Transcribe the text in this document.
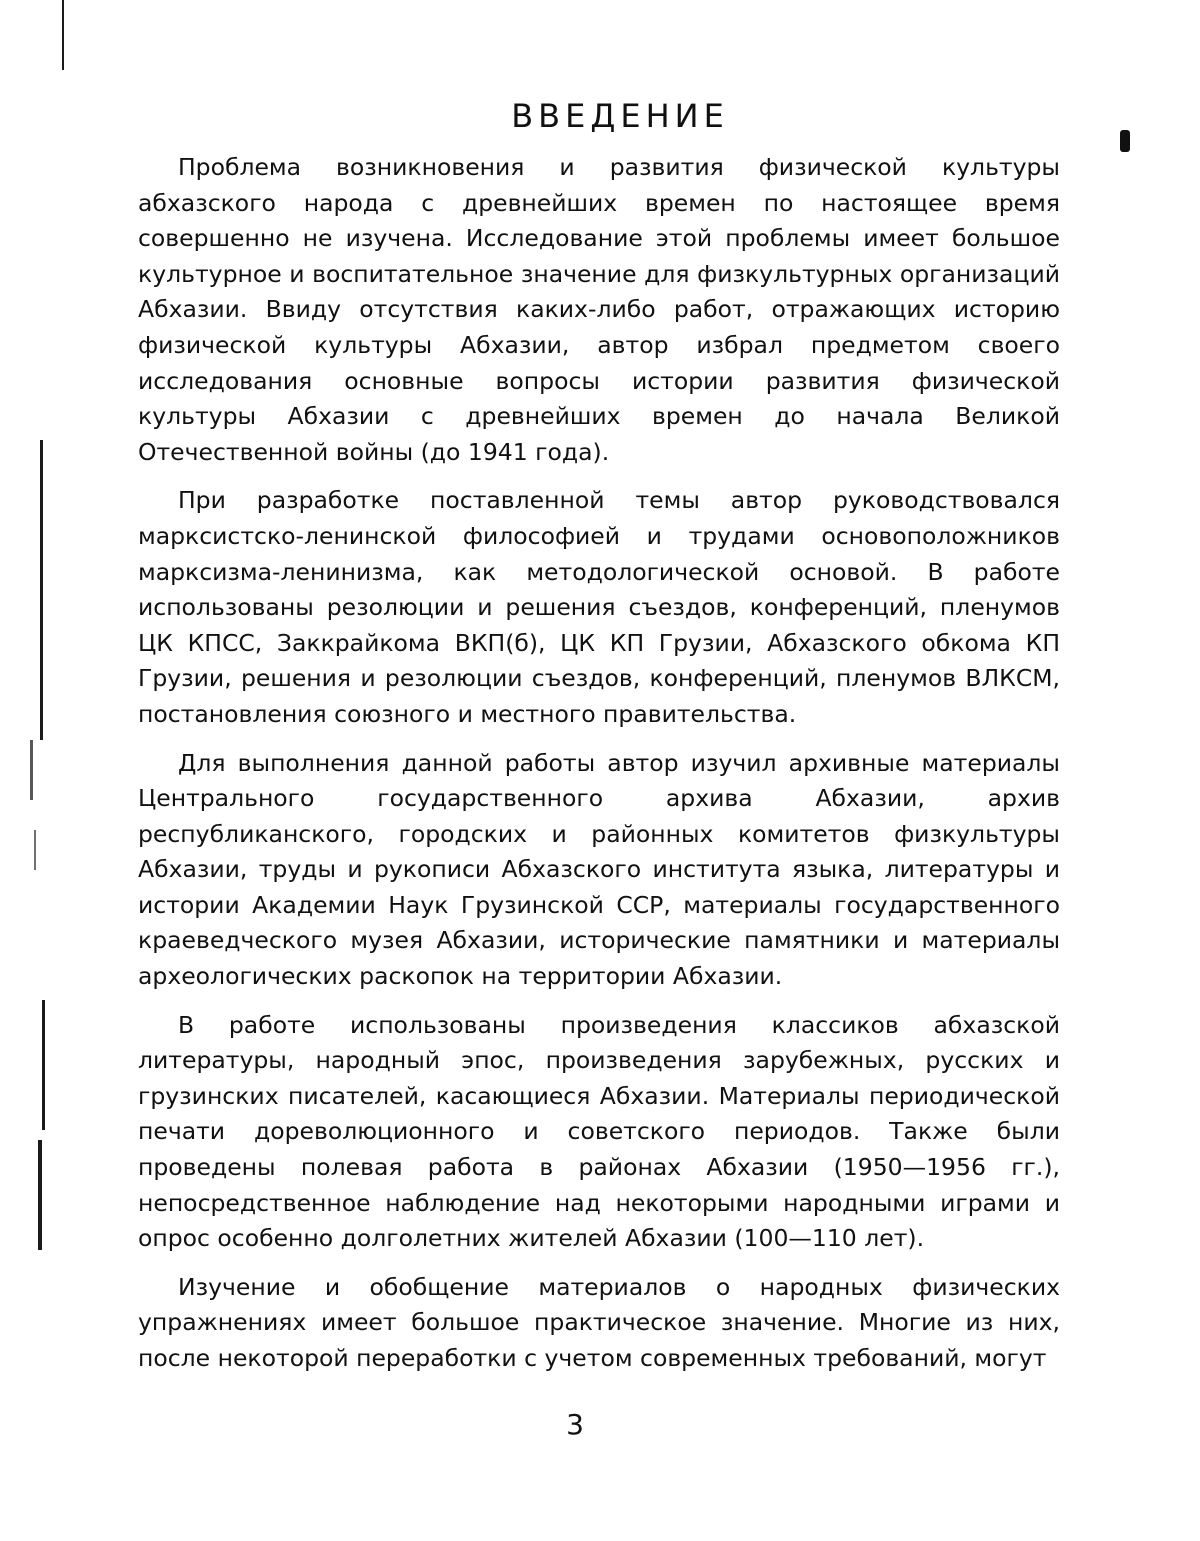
ВВЕДЕНИЕ

Проблема возникновения и развития физической культуры абхазского народа с древнейших времен по настоящее время совершенно не изучена. Исследование этой проблемы имеет большое культурное и воспитательное значение для физкультурных организаций Абхазии. Ввиду отсутствия каких-либо работ, отражающих историю физической культуры Абхазии, автор избрал предметом своего исследования основные вопросы истории развития физической культуры Абхазии с древнейших времен до начала Великой Отечественной войны (до 1941 года).

При разработке поставленной темы автор руководствовался марксистско-ленинской философией и трудами основоположников марксизма-ленинизма, как методологической основой. В работе использованы резолюции и решения съездов, конференций, пленумов ЦК КПСС, Заккрайкома ВКП(б), ЦК КП Грузии, Абхазского обкома КП Грузии, решения и резолюции съездов, конференций, пленумов ВЛКСМ, постановления союзного и местного правительства.

Для выполнения данной работы автор изучил архивные материалы Центрального государственного архива Абхазии, архив республиканского, городских и районных комитетов физкультуры Абхазии, труды и рукописи Абхазского института языка, литературы и истории Академии Наук Грузинской ССР, материалы государственного краеведческого музея Абхазии, исторические памятники и материалы археологических раскопок на территории Абхазии.

В работе использованы произведения классиков абхазской литературы, народный эпос, произведения зарубежных, русских и грузинских писателей, касающиеся Абхазии. Материалы периодической печати дореволюционного и советского периодов. Также были проведены полевая работа в районах Абхазии (1950—1956 гг.), непосредственное наблюдение над некоторыми народными играми и опрос особенно долголетних жителей Абхазии (100—110 лет).

Изучение и обобщение материалов о народных физических упражнениях имеет большое практическое значение. Многие из них, после некоторой переработки с учетом современных требований, могут

3
